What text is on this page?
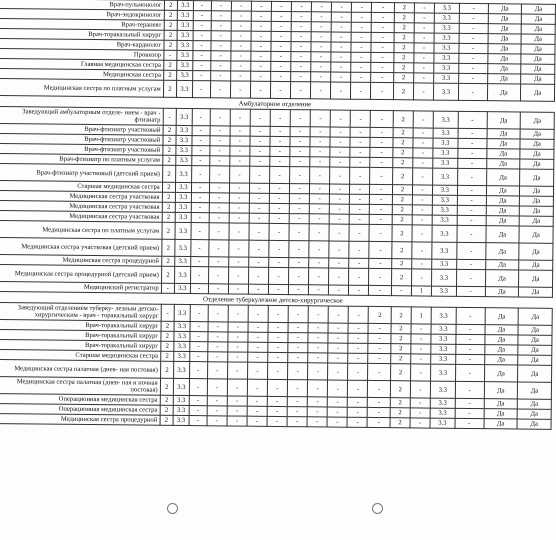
Врач-пульмонолог	2	3.3	-	-	-	-	-	-	-	-	-	-	2	-	3.3	-	Да	Да
Врач-эндокринолог	2	3.3	-	-	-	-	-	-	-	-	-	-	2	-	3.3	-	Да	Да
Врач-терапевт	2	3.3	-	-	-	-	-	-	-	-	-	-	2	-	3.3	-	Да	Да
Врач-торакальный хирург	2	3.3	-	-	-	-	-	-	-	-	-	-	2	-	3.3	-	Да	Да
Врач-кардиолог	2	3.3	-	-	-	-	-	-	-	-	-	-	2	-	3.3	-	Да	Да
Провизор	-	3.3	-	-	-	-	-	-	-	-	-	-	2	-	3.3	-	Да	Да
Главная медицинская сестра	2	3.3	-	-	-	-	-	-	-	-	-	-	2	-	3.3	-	Да	Да
Медицинская сестра	2	3.3	-	-	-	-	-	-	-	-	-	-	2	-	3.3	-	Да	Да
Медицинская сестра по платным услугам	2	3.3	-	-	-	-	-	-	-	-	-	-	2	-	3.3	-	Да	Да
Амбулаторное отделение																		
Заведующий амбулаторным отделе- нием - врач - фтизиатр	-	3.3	-	-	-	-	-	-	-	-	-	-	2	-	3.3	-	Да	Да
Врач-фтизиатр участковый	2	3.3	-	-	-	-	-	-	-	-	-	-	2	-	3.3	-	Да	Да
Врач-фтизиатр участковый	2	3.3	-	-	-	-	-	-	-	-	-	-	2	-	3.3	-	Да	Да
Врач-фтизиатр участковый	2	3.3	-	-	-	-	-	-	-	-	-	-	2	-	3.3	-	Да	Да
Врач-фтизиатр по платным услугам	2	3.3	-	-	-	-	-	-	-	-	-	-	2	-	3.3	-	Да	Да
Врач-фтизиатр участковый (детский прием)	2	3.3	-	-	-	-	-	-	-	-	-	-	2	-	3.3	-	Да	Да
Старшая медицинская сестра	2	3.3	-	-	-	-	-	-	-	-	-	-	2	-	3.3	-	Да	Да
Медицинская сестра участковая	2	3.3	-	-	-	-	-	-	-	-	-	-	2	-	3.3	-	Да	Да
Медицинская сестра участковая	2	3.3	-	-	-	-	-	-	-	-	-	-	2	-	3.3	-	Да	Да
Медицинская сестра участковая	2	3.3	-	-	-	-	-	-	-	-	-	-	2	-	3.3	-	Да	Да
Медицинская сестра по платным услугам	2	3.3	-	-	-	-	-	-	-	-	-	-	2	-	3.3	-	Да	Да
Медицинская сестра участковая (детский прием)	2	3.3	-	-	-	-	-	-	-	-	-	-	2	-	3.3	-	Да	Да
Медицинская сестра процедурной	2	3.3	-	-	-	-	-	-	-	-	-	-	2	-	3.3	-	Да	Да
Медицинская сестра процедурной (детский прием)	2	3.3	-	-	-	-	-	-	-	-	-	-	2	-	3.3	-	Да	Да
Медицинский регистратор	-	3.3	-	-	-	-	-	-	-	-	-	-	-	1	3.3	-	Да	Да
Отделение туберкулезное детско-хирургическое																		
Заведующий отделением туберку- лезным детско-хирургическим - врач - торакальный хирург	-	3.3	-	-	-	-	-	-	-	-	-	2	2	1	3.3	-	Да	Да
Врач-торакальный хирург	2	3.3	-	-	-	-	-	-	-	-	-	-	2	-	3.3	-	Да	Да
Врач-торакальный хирург	2	3.3	-	-	-	-	-	-	-	-	-	-	2	-	3.3	-	Да	Да
Врач-торакальный хирург	2	3.3	-	-	-	-	-	-	-	-	-	-	2	-	3.3	-	Да	Да
Старшая медицинская сестра	2	3.3	-	-	-	-	-	-	-	-	-	-	2	-	3.3	-	Да	Да
Медицинская сестра палатная (днев- ная постовая)	2	3.3	-	-	-	-	-	-	-	-	-	-	2	-	3.3	-	Да	Да
Медицинская сестра палатная (днев- ная и ночная постовая)	2	3.3	-	-	-	-	-	-	-	-	-	-	2	-	3.3	-	Да	Да
Операционная медицинская сестра	2	3.3	-	-	-	-	-	-	-	-	-	-	2	-	3.3	-	Да	Да
Операционная медицинская сестра	2	3.3	-	-	-	-	-	-	-	-	-	-	2	-	3.3	-	Да	Да
Медицинская сестра процедурной	2	3.3	-	-	-	-	-	-	-	-	-	-	2	-	3.3	-	Да	Да
